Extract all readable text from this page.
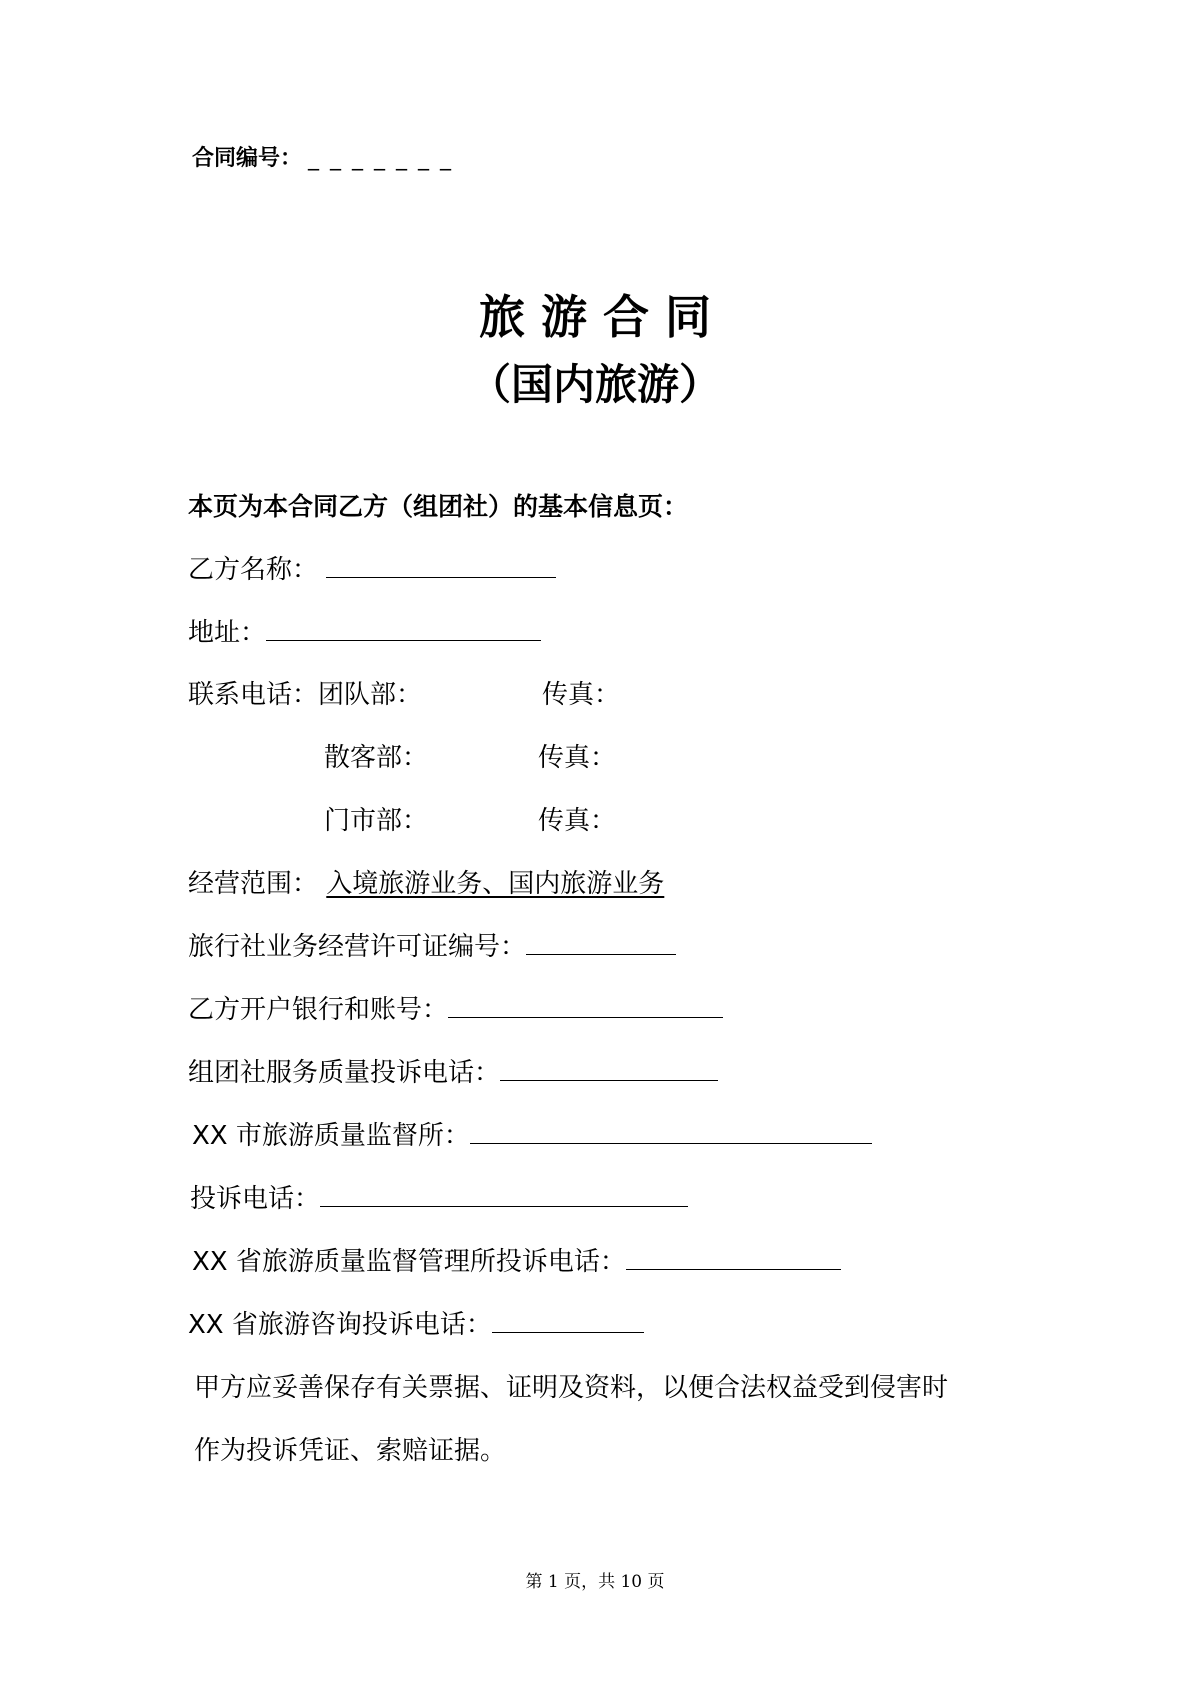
合同编号： _ _ _ _ _ _ _
旅 游 合 同
（国内旅游）
本页为本合同乙方（组团社）的基本信息页：
乙方名称：
地址：
联系电话：团队部：	传真：
散客部：	传真：
门市部：	传真：
经营范围： 入境旅游业务、国内旅游业务
旅行社业务经营许可证编号：
乙方开户银行和账号：
组团社服务质量投诉电话：
XX 市旅游质量监督所：
投诉电话：
XX 省旅游质量监督管理所投诉电话：
XX 省旅游咨询投诉电话：
甲方应妥善保存有关票据、证明及资料，以便合法权益受到侵害时
作为投诉凭证、索赔证据。
第 1 页，共 10 页
